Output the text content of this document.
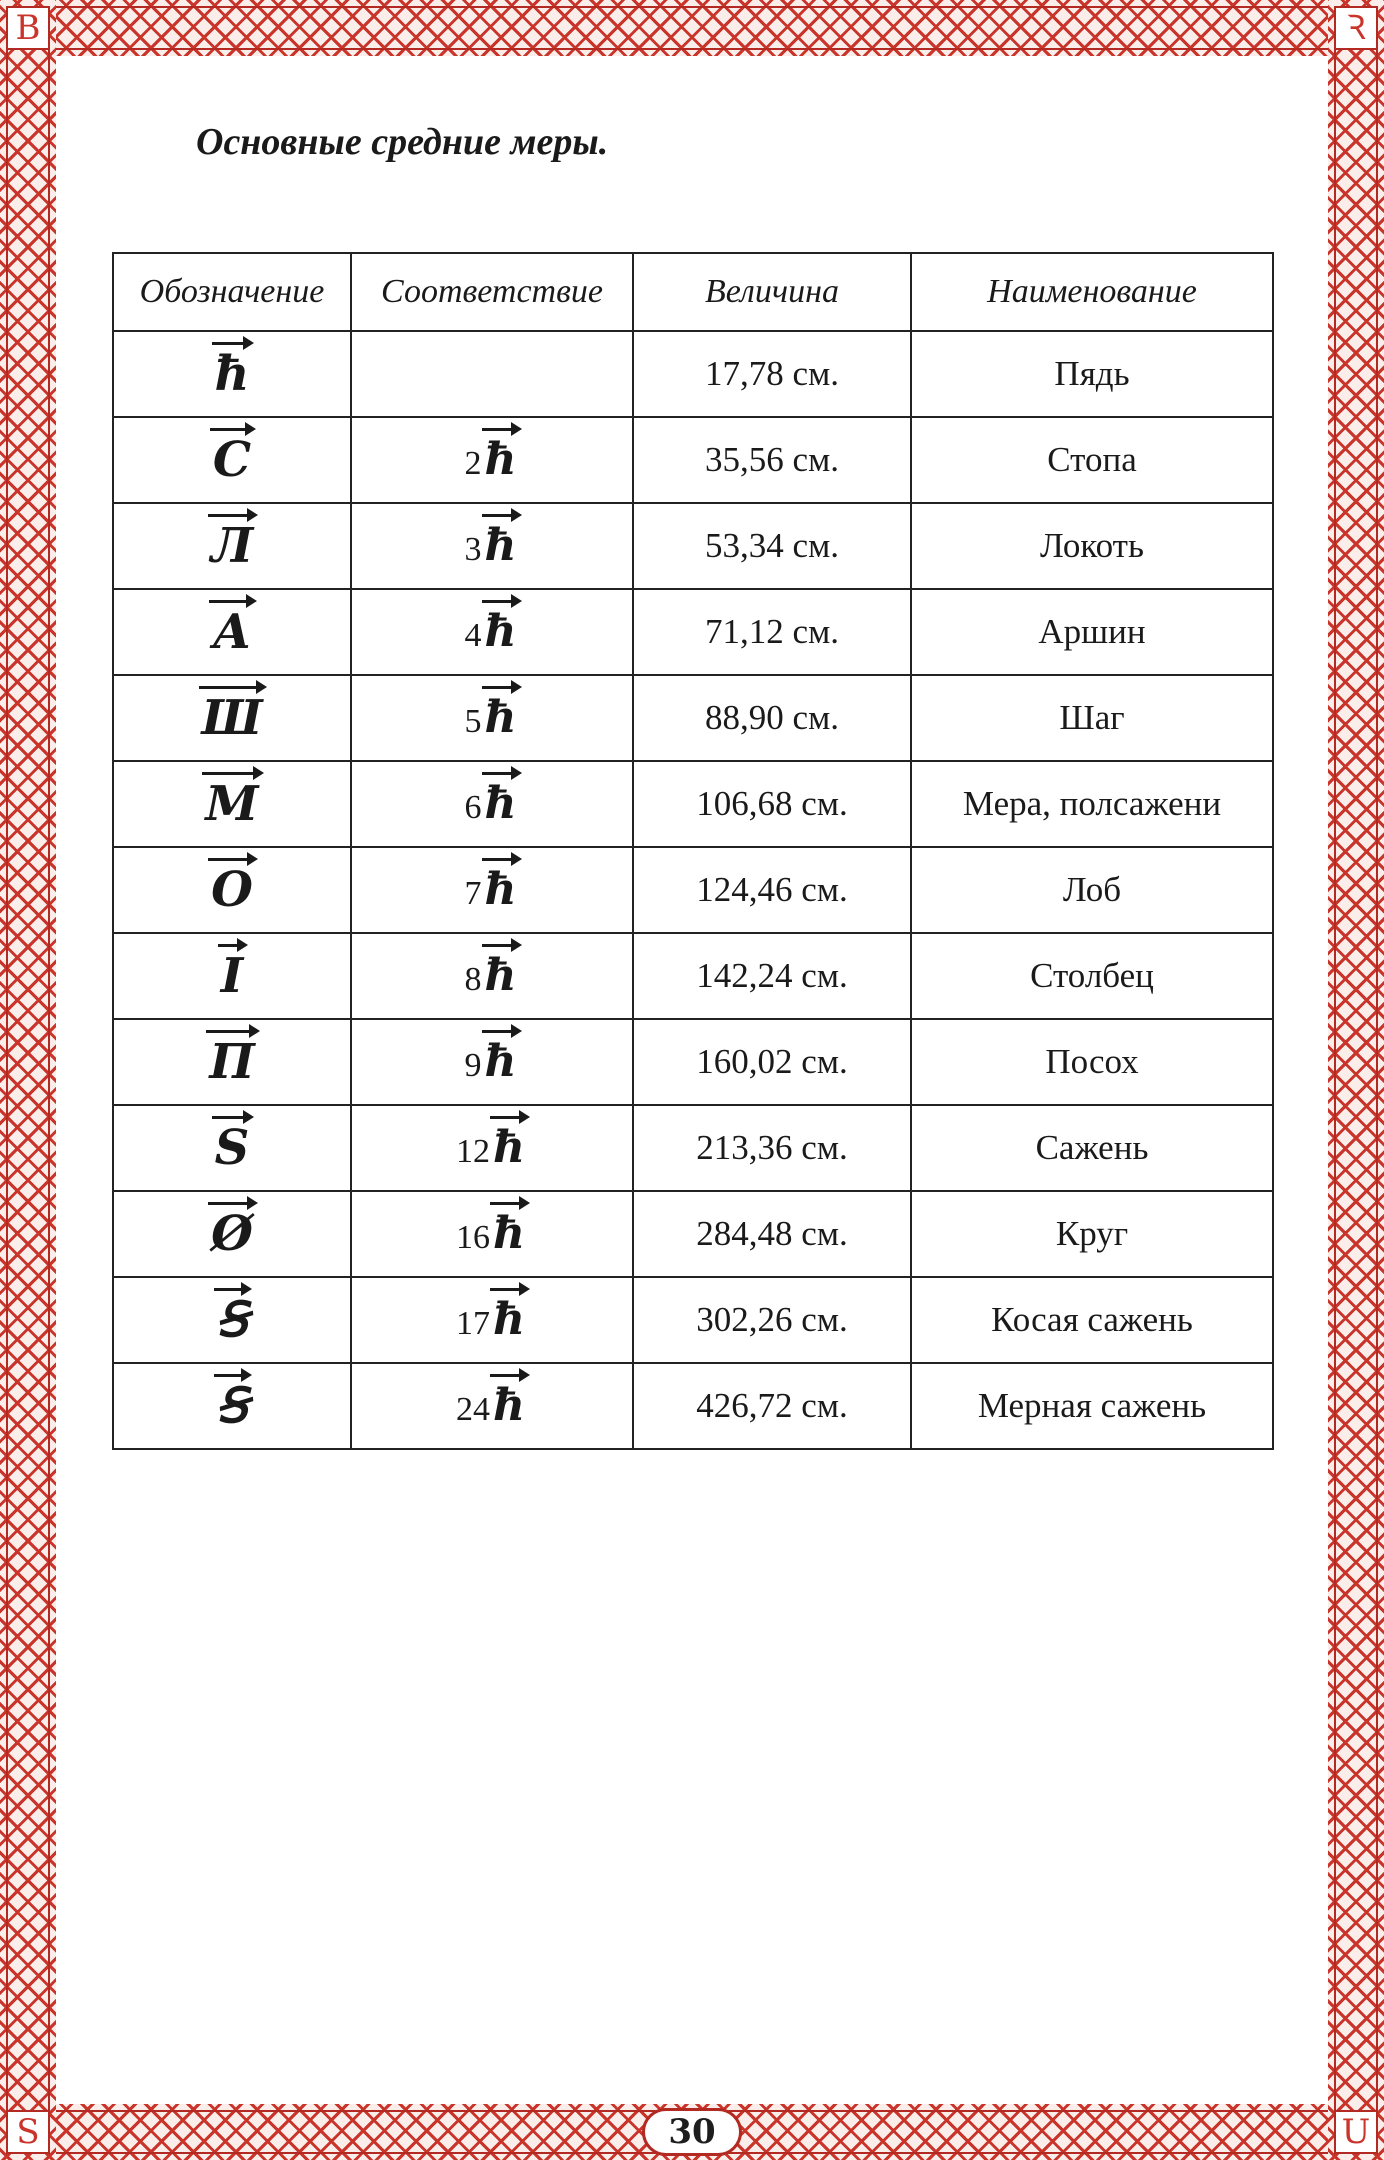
B	Ꝛ
S	U
30
Основные средние меры.
Обозначение	Соответствие	Величина	Наименование
ħ		17,78 см.	Пядь
С	2ħ	35,56 см.	Стопа
Л	3ħ	53,34 см.	Локоть
А	4ħ	71,12 см.	Аршин
Ш	5ħ	88,90 см.	Шаг
М	6ħ	106,68 см.	Мера, полсажени
О	7ħ	124,46 см.	Лоб
І	8ħ	142,24 см.	Столбец
П	9ħ	160,02 см.	Посох
S	12ħ	213,36 см.	Сажень
Ø	16ħ	284,48 см.	Круг
Ꞩ	17ħ	302,26 см.	Косая сажень
Ꞩ	24ħ	426,72 см.	Мерная сажень
